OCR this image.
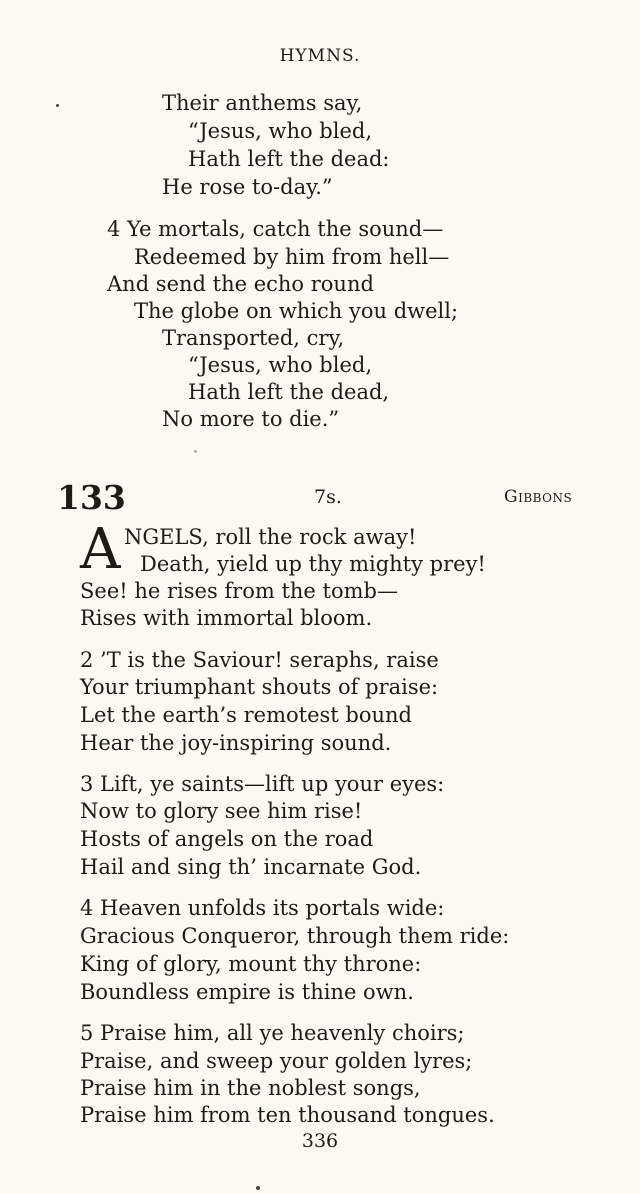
HYMNS.
Their anthems say,
“Jesus, who bled,
Hath left the dead:
He rose to-day.”
4 Ye mortals, catch the sound—
Redeemed by him from hell—
And send the echo round
The globe on which you dwell;
Transported, cry,
“Jesus, who bled,
Hath left the dead,
No more to die.”
133	7s.	Gibbons
A NGELS, roll the rock away!
Death, yield up thy mighty prey!
See! he rises from the tomb—
Rises with immortal bloom.
2 ’T is the Saviour! seraphs, raise
Your triumphant shouts of praise:
Let the earth’s remotest bound
Hear the joy-inspiring sound.
3 Lift, ye saints—lift up your eyes:
Now to glory see him rise!
Hosts of angels on the road
Hail and sing th’ incarnate God.
4 Heaven unfolds its portals wide:
Gracious Conqueror, through them ride:
King of glory, mount thy throne:
Boundless empire is thine own.
5 Praise him, all ye heavenly choirs;
Praise, and sweep your golden lyres;
Praise him in the noblest songs,
Praise him from ten thousand tongues.
336
